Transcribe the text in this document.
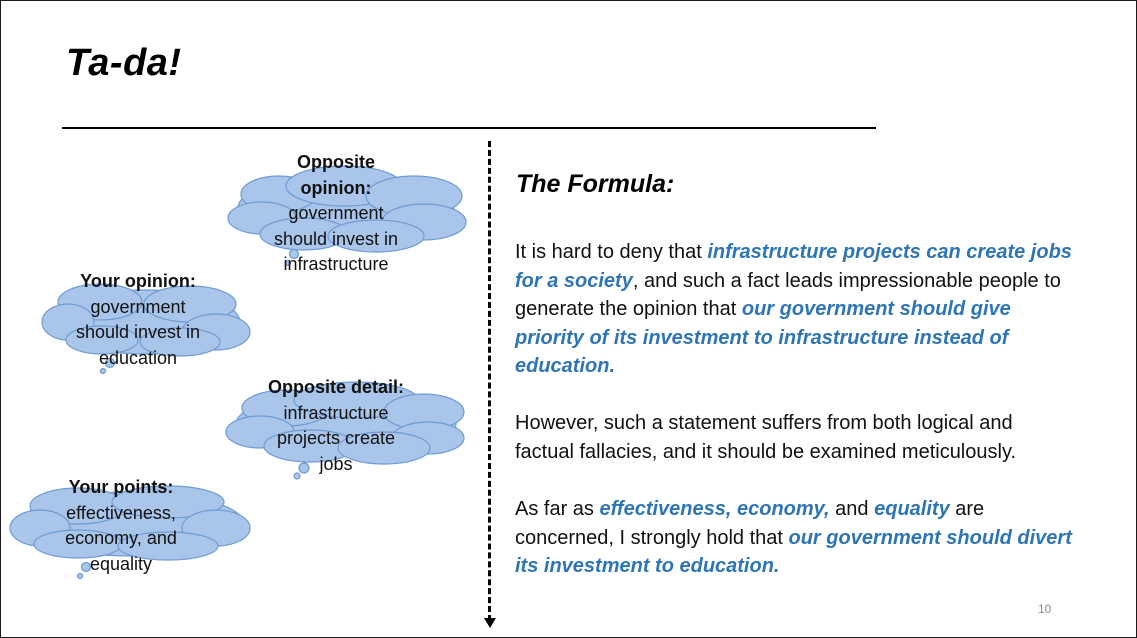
Ta-da!
Opposite opinion:
government should invest in infrastructure
Your opinion:
government should invest in education
Opposite detail:
infrastructure projects create jobs
Your points:
effectiveness, economy, and equality
The Formula:
It is hard to deny that infrastructure projects can create jobs for a society, and such a fact leads impressionable people to generate the opinion that our government should give priority of its investment to infrastructure instead of education.
However, such a statement suffers from both logical and factual fallacies, and it should be examined meticulously.
As far as effectiveness, economy, and equality are concerned, I strongly hold that our government should divert its investment to education.
10
